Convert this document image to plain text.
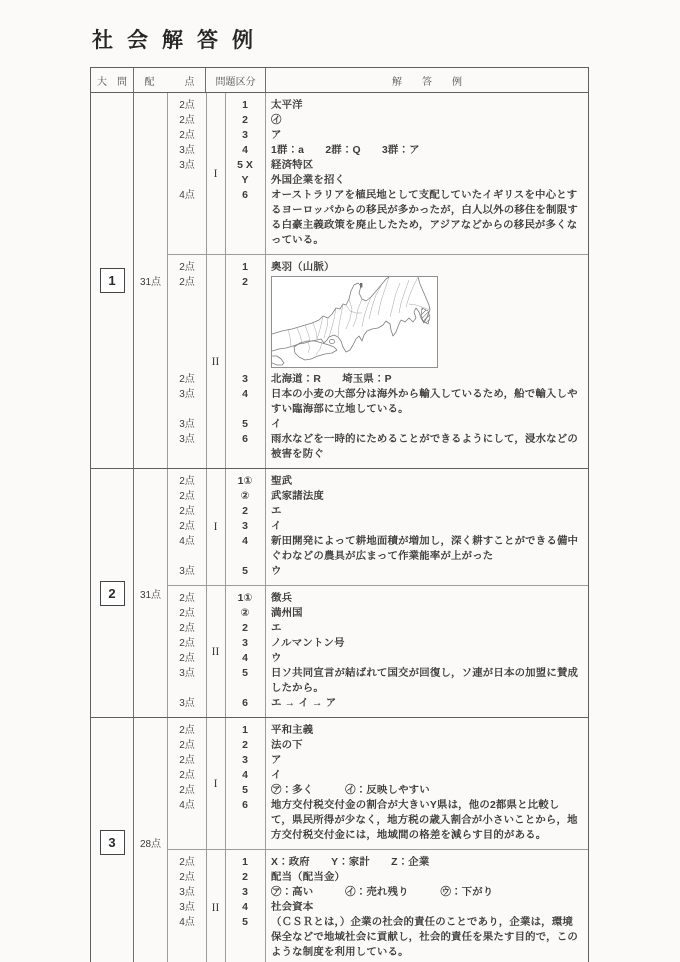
社会解答例
大　問	配　　　点	問題区分	解　　答　　例
1	31点
I
2点	1	太平洋
2点	2	㋑
2点	3	ア
3点	4	1群：a　　2群：Q　　3群：ア
3点	5 X	経済特区
Y	外国企業を招く
4点	6	オーストラリアを植民地として支配していたイギリスを中心とするヨーロッパからの移民が多かったが，白人以外の移住を制限する白豪主義政策を廃止したため，アジアなどからの移民が多くなっている。
II
2点	1	奥羽（山脈）
2点	2
2点	3	北海道：R　　埼玉県：P
3点	4	日本の小麦の大部分は海外から輸入しているため，船で輸入しやすい臨海部に立地している。
3点	5	イ
3点	6	雨水などを一時的にためることができるようにして，浸水などの被害を防ぐ
2	31点
I
2点	1①	聖武
2点	②	武家諸法度
2点	2	エ
2点	3	イ
4点	4	新田開発によって耕地面積が増加し，深く耕すことができる備中ぐわなどの農具が広まって作業能率が上がった
3点	5	ウ
II
2点	1①	徴兵
2点	②	満州国
2点	2	エ
2点	3	ノルマントン号
2点	4	ウ
3点	5	日ソ共同宣言が結ばれて国交が回復し，ソ連が日本の加盟に賛成したから。
3点	6	エ → イ → ア
3	28点
I
2点	1	平和主義
2点	2	法の下
2点	3	ア
2点	4	イ
2点	5	㋐：多く　　　㋑：反映しやすい
4点	6	地方交付税交付金の割合が大きいY県は，他の2都県と比較して，県民所得が少なく，地方税の歳入割合が小さいことから，地方交付税交付金には，地域間の格差を減らす目的がある。
II
2点	1	X：政府　　Y：家計　　Z：企業
2点	2	配当（配当金）
3点	3	㋐：高い　　　㋑：売れ残り　　　㋒：下がり
3点	4	社会資本
4点	5	（ＣＳＲとは，）企業の社会的責任のことであり，企業は，環境保全などで地域社会に貢献し，社会的責任を果たす目的で，このような制度を利用している。
